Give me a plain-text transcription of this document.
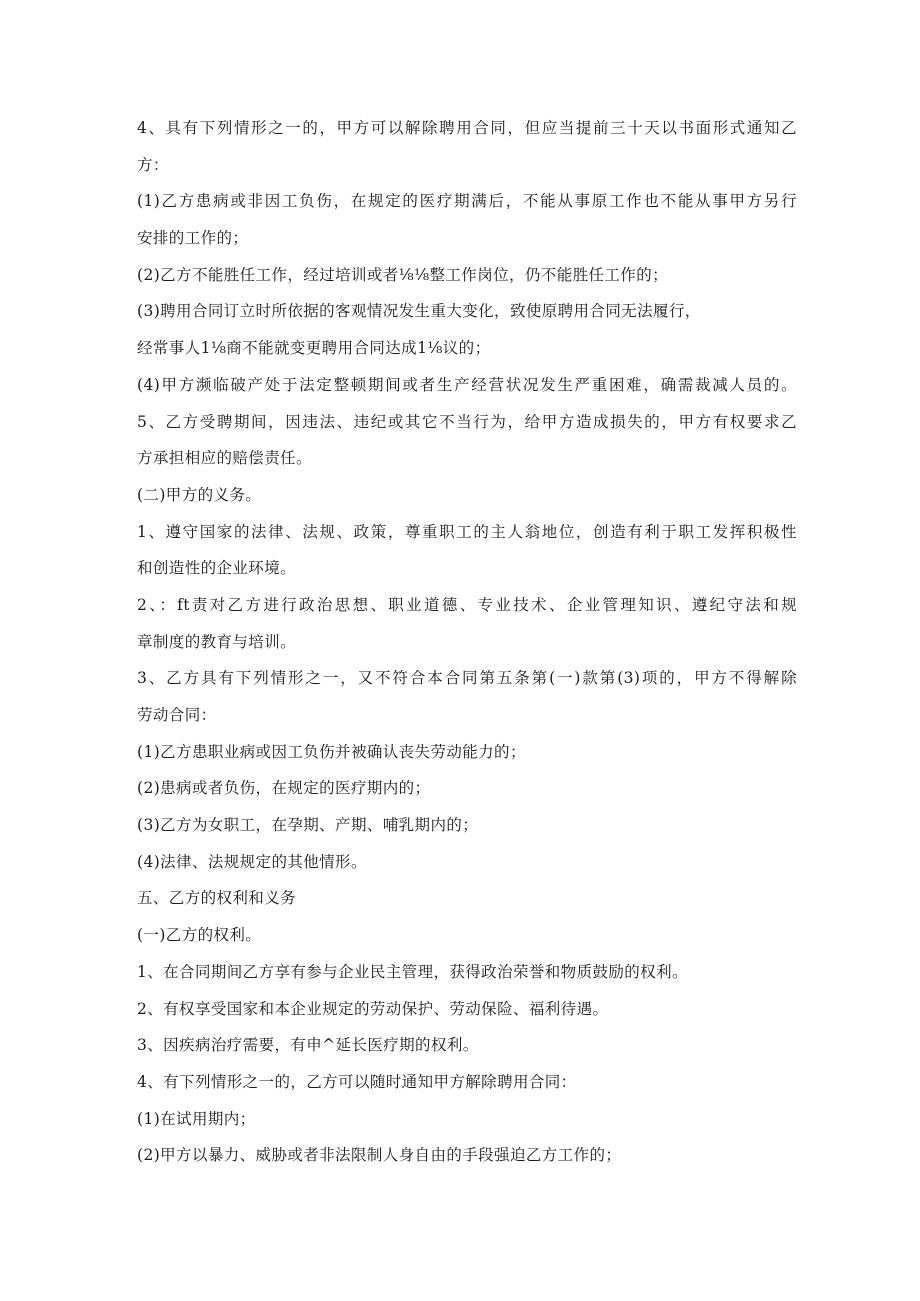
4、具有下列情形之一的，甲方可以解除聘用合同，但应当提前三十天以书面形式通知乙
方：
(1)乙方患病或非因工负伤，在规定的医疗期满后，不能从事原工作也不能从事甲方另行
安排的工作的；
(2)乙方不能胜任工作，经过培训或者⅛⅛整工作岗位，仍不能胜任工作的；
(3)聘用合同订立时所依据的客观情况发生重大变化，致使原聘用合同无法履行，
经常事人1⅛商不能就变更聘用合同达成1⅛议的；
(4)甲方濒临破产处于法定整顿期间或者生产经营状况发生严重困难，确需裁减人员的。
5、乙方受聘期间，因违法、违纪或其它不当行为，给甲方造成损失的，甲方有权要求乙
方承担相应的赔偿责任。
(二)甲方的义务。
1、遵守国家的法律、法规、政策，尊重职工的主人翁地位，创造有利于职工发挥积极性
和创造性的企业环境。
2、：ft责对乙方进行政治思想、职业道德、专业技术、企业管理知识、遵纪守法和规
章制度的教育与培训。
3、乙方具有下列情形之一，又不符合本合同第五条第(一)款第(3)项的，甲方不得解除
劳动合同：
(1)乙方患职业病或因工负伤并被确认丧失劳动能力的；
(2)患病或者负伤，在规定的医疗期内的；
(3)乙方为女职工，在孕期、产期、哺乳期内的；
(4)法律、法规规定的其他情形。
五、乙方的权利和义务
(一)乙方的权利。
1、在合同期间乙方享有参与企业民主管理，获得政治荣誉和物质鼓励的权利。
2、有权享受国家和本企业规定的劳动保护、劳动保险、福利待遇。
3、因疾病治疗需要，有申^延长医疗期的权利。
4、有下列情形之一的，乙方可以随时通知甲方解除聘用合同：
(1)在试用期内；
(2)甲方以暴力、威胁或者非法限制人身自由的手段强迫乙方工作的；
